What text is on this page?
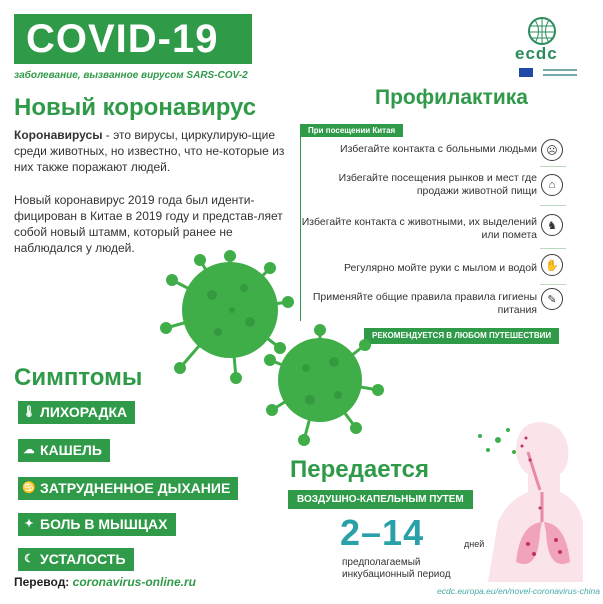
COVID-19
заболевание, вызванное вирусом SARS-COV-2
ecdc
Новый коронавирус
Коронавирусы - это вирусы, циркулирую-щие среди животных, но известно, что не-которые из них также поражают людей.
Новый коронавирус 2019 года был иденти-фицирован в Китае в 2019 году и представ-ляет собой новый штамм, который ранее не наблюдался у людей.
Профилактика
При посещении Китая
Избегайте контакта с больными людьми ☹
Избегайте посещения рынков и мест где продажи животной пищи	⌂
Избегайте контакта с животными, их выделений или помета
♞
Регулярно мойте руки с мылом и водой ✋
Применяйте общие правила правила гигиены питания
✎
РЕКОМЕНДУЕТСЯ В ЛЮБОМ ПУТЕШЕСТВИИ
Симптомы
🌡 ЛИХОРАДКА
☁ КАШЕЛЬ
♋ ЗАТРУДНЕННОЕ ДЫХАНИЕ
✦ БОЛЬ В МЫШЦАХ
☾ УСТАЛОСТЬ
Перевод: coronavirus-online.ru
Передается
ВОЗДУШНО-КАПЕЛЬНЫМ ПУТЕМ
2–14	дней
предполагаемый инкубационный период
ecdc.europa.eu/en/novel-coronavirus-china
